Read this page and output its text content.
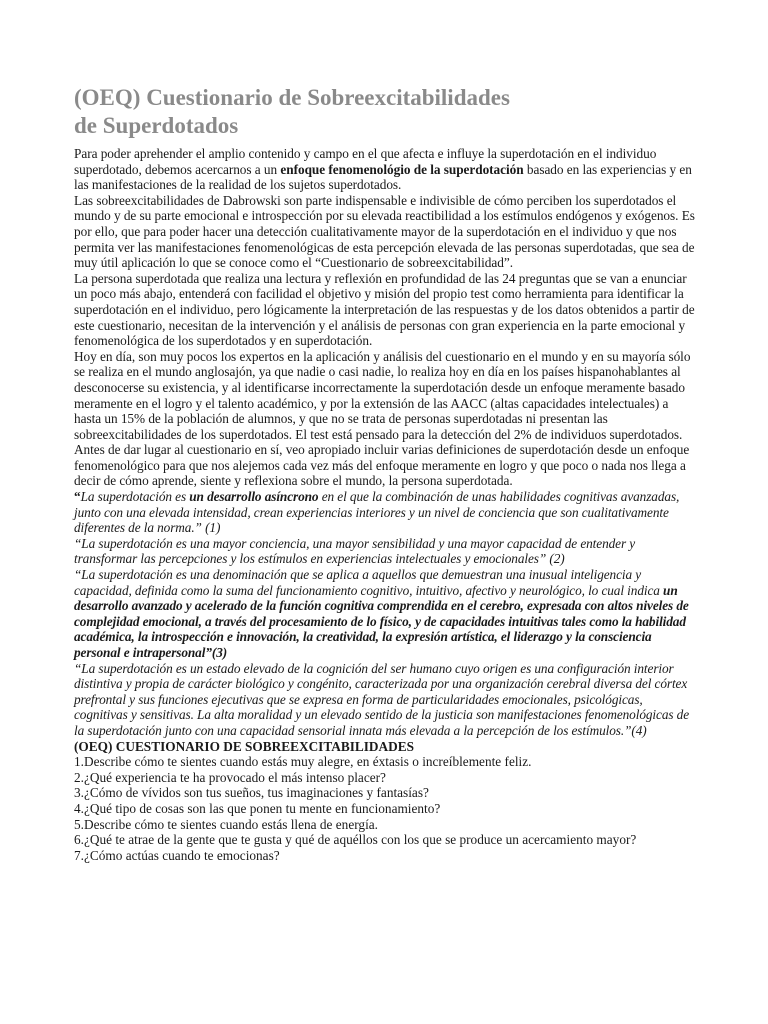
(OEQ) Cuestionario de Sobreexcitabilidades
de Superdotados

Para poder aprehender el amplio contenido y campo en el que afecta e influye la superdotación en el individuo superdotado, debemos acercarnos a un enfoque fenomenológio de la superdotación basado en las experiencias y en las manifestaciones de la realidad de los sujetos superdotados.

Las sobreexcitabilidades de Dabrowski son parte indispensable e indivisible de cómo perciben los superdotados el mundo y de su parte emocional e introspección por su elevada reactibilidad a los estímulos endógenos y exógenos. Es por ello, que para poder hacer una detección cualitativamente mayor de la superdotación en el individuo y que nos permita ver las manifestaciones fenomenológicas de esta percepción elevada de las personas superdotadas, que sea de muy útil aplicación lo que se conoce como el “Cuestionario de sobreexcitabilidad”.

La persona superdotada que realiza una lectura y reflexión en profundidad de las 24 preguntas que se van a enunciar un poco más abajo, entenderá con facilidad el objetivo y misión del propio test como herramienta para identificar la superdotación en el individuo, pero lógicamente la interpretación de las respuestas y de los datos obtenidos a partir de este cuestionario, necesitan de la intervención y el análisis de personas con gran experiencia en la parte emocional y fenomenológica de los superdotados y en superdotación.

Hoy en día, son muy pocos los expertos en la aplicación y análisis del cuestionario en el mundo y en su mayoría sólo se realiza en el mundo anglosajón, ya que nadie o casi nadie, lo realiza hoy en día en los países hispanohablantes al desconocerse su existencia, y al identificarse incorrectamente la superdotación desde un enfoque meramente basado meramente en el logro y el talento académico, y por la extensión de las AACC (altas capacidades intelectuales) a hasta un 15% de la población de alumnos, y que no se trata de personas superdotadas ni presentan las sobreexcitabilidades de los superdotados. El test está pensado para la detección del 2% de individuos superdotados.

Antes de dar lugar al cuestionario en sí, veo apropiado incluir varias definiciones de superdotación desde un enfoque fenomenológico para que nos alejemos cada vez más del enfoque meramente en logro y que poco o nada nos llega a decir de cómo aprende, siente y reflexiona sobre el mundo, la persona superdotada.

“La superdotación es un desarrollo asíncrono en el que la combinación de unas habilidades cognitivas avanzadas, junto con una elevada intensidad, crean experiencias interiores y un nivel de conciencia que son cualitativamente diferentes de la norma.” (1)

“La superdotación es una mayor conciencia, una mayor sensibilidad y una mayor capacidad de entender y transformar las percepciones y los estímulos en experiencias intelectuales y emocionales” (2)

“La superdotación es una denominación que se aplica a aquellos que demuestran una inusual inteligencia y capacidad, definida como la suma del funcionamiento cognitivo, intuitivo, afectivo y neurológico, lo cual indica un desarrollo avanzado y acelerado de la función cognitiva comprendida en el cerebro, expresada con altos niveles de complejidad emocional, a través del procesamiento de lo físico, y de capacidades intuitivas tales como la habilidad académica, la introspección e innovación, la creatividad, la expresión artística, el liderazgo y la consciencia personal e intrapersonal”(3)

“La superdotación es un estado elevado de la cognición del ser humano cuyo origen es una configuración interior distintiva y propia de carácter biológico y congénito, caracterizada por una organización cerebral diversa del córtex prefrontal y sus funciones ejecutivas que se expresa en forma de particularidades emocionales, psicológicas, cognitivas y sensitivas. La alta moralidad y un elevado sentido de la justicia son manifestaciones fenomenológicas de la superdotación junto con una capacidad sensorial innata más elevada a la percepción de los estímulos.”(4)

(OEQ) CUESTIONARIO DE SOBREEXCITABILIDADES

1.Describe cómo te sientes cuando estás muy alegre, en éxtasis o increíblemente feliz.
2.¿Qué experiencia te ha provocado el más intenso placer?
3.¿Cómo de vívidos son tus sueños, tus imaginaciones y fantasías?
4.¿Qué tipo de cosas son las que ponen tu mente en funcionamiento?
5.Describe cómo te sientes cuando estás llena de energía.
6.¿Qué te atrae de la gente que te gusta y qué de aquéllos con los que se produce un acercamiento mayor?
7.¿Cómo actúas cuando te emocionas?
